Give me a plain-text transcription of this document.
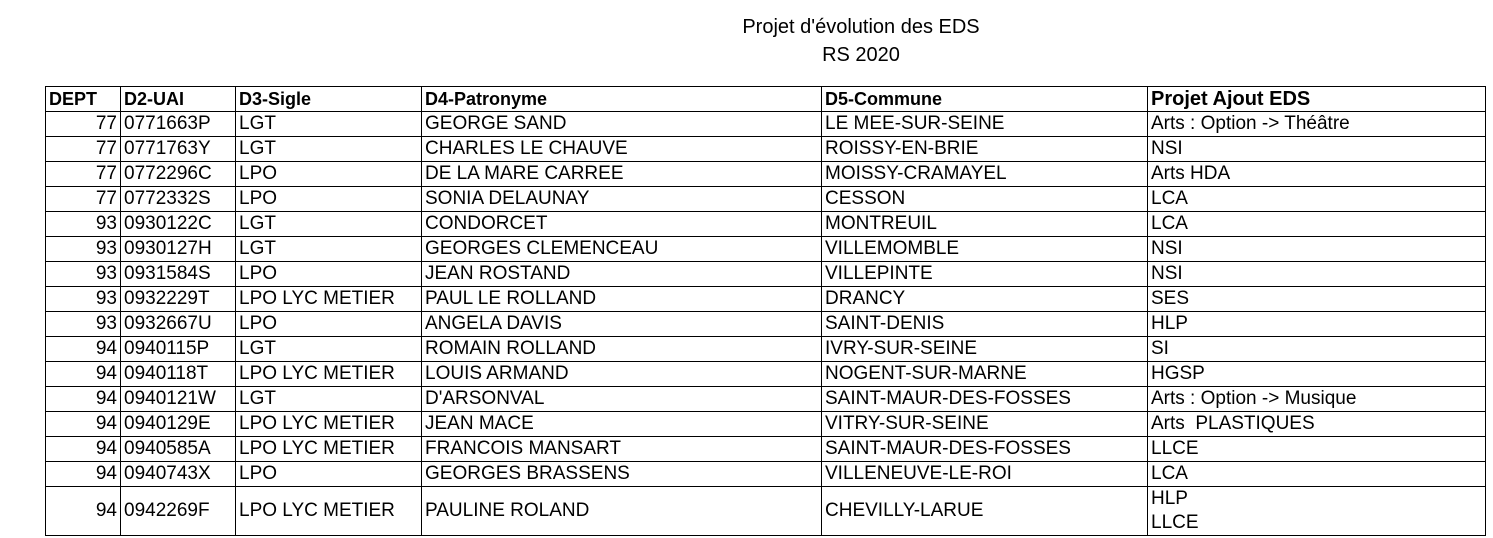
Projet d'évolution des EDS
RS 2020
DEPT	D2-UAI	D3-Sigle	D4-Patronyme	D5-Commune	Projet Ajout EDS
77	0771663P	LGT	GEORGE SAND	LE MEE-SUR-SEINE	Arts : Option -> Théâtre
77	0771763Y	LGT	CHARLES LE CHAUVE	ROISSY-EN-BRIE	NSI
77	0772296C	LPO	DE LA MARE CARREE	MOISSY-CRAMAYEL	Arts HDA
77	0772332S	LPO	SONIA DELAUNAY	CESSON	LCA
93	0930122C	LGT	CONDORCET	MONTREUIL	LCA
93	0930127H	LGT	GEORGES CLEMENCEAU	VILLEMOMBLE	NSI
93	0931584S	LPO	JEAN ROSTAND	VILLEPINTE	NSI
93	0932229T	LPO LYC METIER	PAUL LE ROLLAND	DRANCY	SES
93	0932667U	LPO	ANGELA DAVIS	SAINT-DENIS	HLP
94	0940115P	LGT	ROMAIN ROLLAND	IVRY-SUR-SEINE	SI
94	0940118T	LPO LYC METIER	LOUIS ARMAND	NOGENT-SUR-MARNE	HGSP
94	0940121W	LGT	D'ARSONVAL	SAINT-MAUR-DES-FOSSES	Arts : Option -> Musique
94	0940129E	LPO LYC METIER	JEAN MACE	VITRY-SUR-SEINE	Arts  PLASTIQUES
94	0940585A	LPO LYC METIER	FRANCOIS MANSART	SAINT-MAUR-DES-FOSSES	LLCE
94	0940743X	LPO	GEORGES BRASSENS	VILLENEUVE-LE-ROI	LCA
94	0942269F	LPO LYC METIER	PAULINE ROLAND	CHEVILLY-LARUE	HLP
LLCE
